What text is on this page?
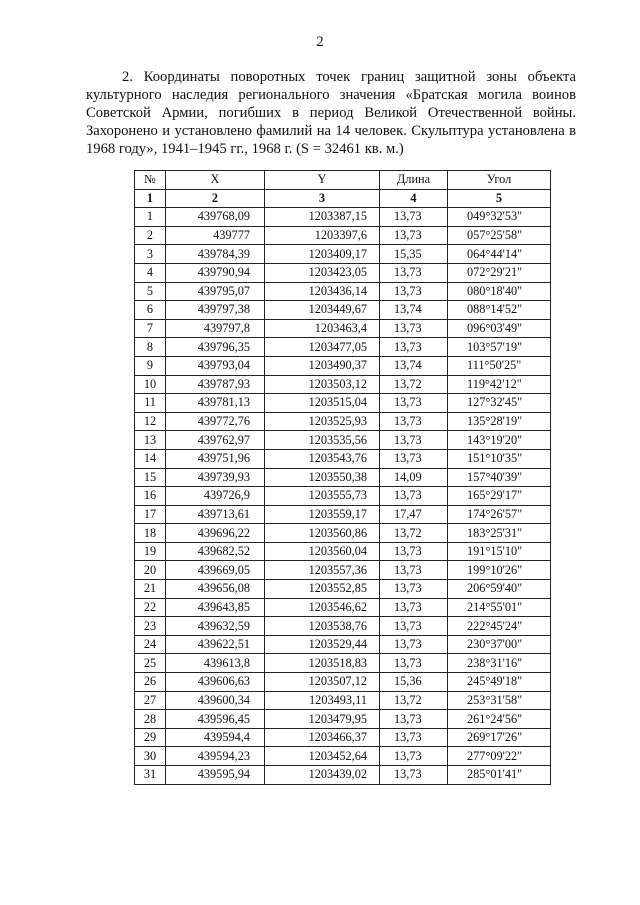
2

2. Координаты поворотных точек границ защитной зоны объекта культурного наследия регионального значения «Братская могила воинов Советской Армии, погибших в период Великой Отечественной войны. Захоронено и установлено фамилий на 14 человек. Скульптура установлена в 1968 году», 1941–1945 гг., 1968 г. (S = 32461 кв. м.)

№	X	Y	Длина	Угол
1	2	3	4	5
1	439768,09	1203387,15	13,73	049°32'53"
2	439777	1203397,6	13,73	057°25'58"
3	439784,39	1203409,17	15,35	064°44'14"
4	439790,94	1203423,05	13,73	072°29'21"
5	439795,07	1203436,14	13,73	080°18'40"
6	439797,38	1203449,67	13,74	088°14'52"
7	439797,8	1203463,4	13,73	096°03'49"
8	439796,35	1203477,05	13,73	103°57'19"
9	439793,04	1203490,37	13,74	111°50'25"
10	439787,93	1203503,12	13,72	119°42'12"
11	439781,13	1203515,04	13,73	127°32'45"
12	439772,76	1203525,93	13,73	135°28'19"
13	439762,97	1203535,56	13,73	143°19'20"
14	439751,96	1203543,76	13,73	151°10'35"
15	439739,93	1203550,38	14,09	157°40'39"
16	439726,9	1203555,73	13,73	165°29'17"
17	439713,61	1203559,17	17,47	174°26'57"
18	439696,22	1203560,86	13,72	183°25'31"
19	439682,52	1203560,04	13,73	191°15'10"
20	439669,05	1203557,36	13,73	199°10'26"
21	439656,08	1203552,85	13,73	206°59'40"
22	439643,85	1203546,62	13,73	214°55'01"
23	439632,59	1203538,76	13,73	222°45'24"
24	439622,51	1203529,44	13,73	230°37'00"
25	439613,8	1203518,83	13,73	238°31'16"
26	439606,63	1203507,12	15,36	245°49'18"
27	439600,34	1203493,11	13,72	253°31'58"
28	439596,45	1203479,95	13,73	261°24'56"
29	439594,4	1203466,37	13,73	269°17'26"
30	439594,23	1203452,64	13,73	277°09'22"
31	439595,94	1203439,02	13,73	285°01'41"
